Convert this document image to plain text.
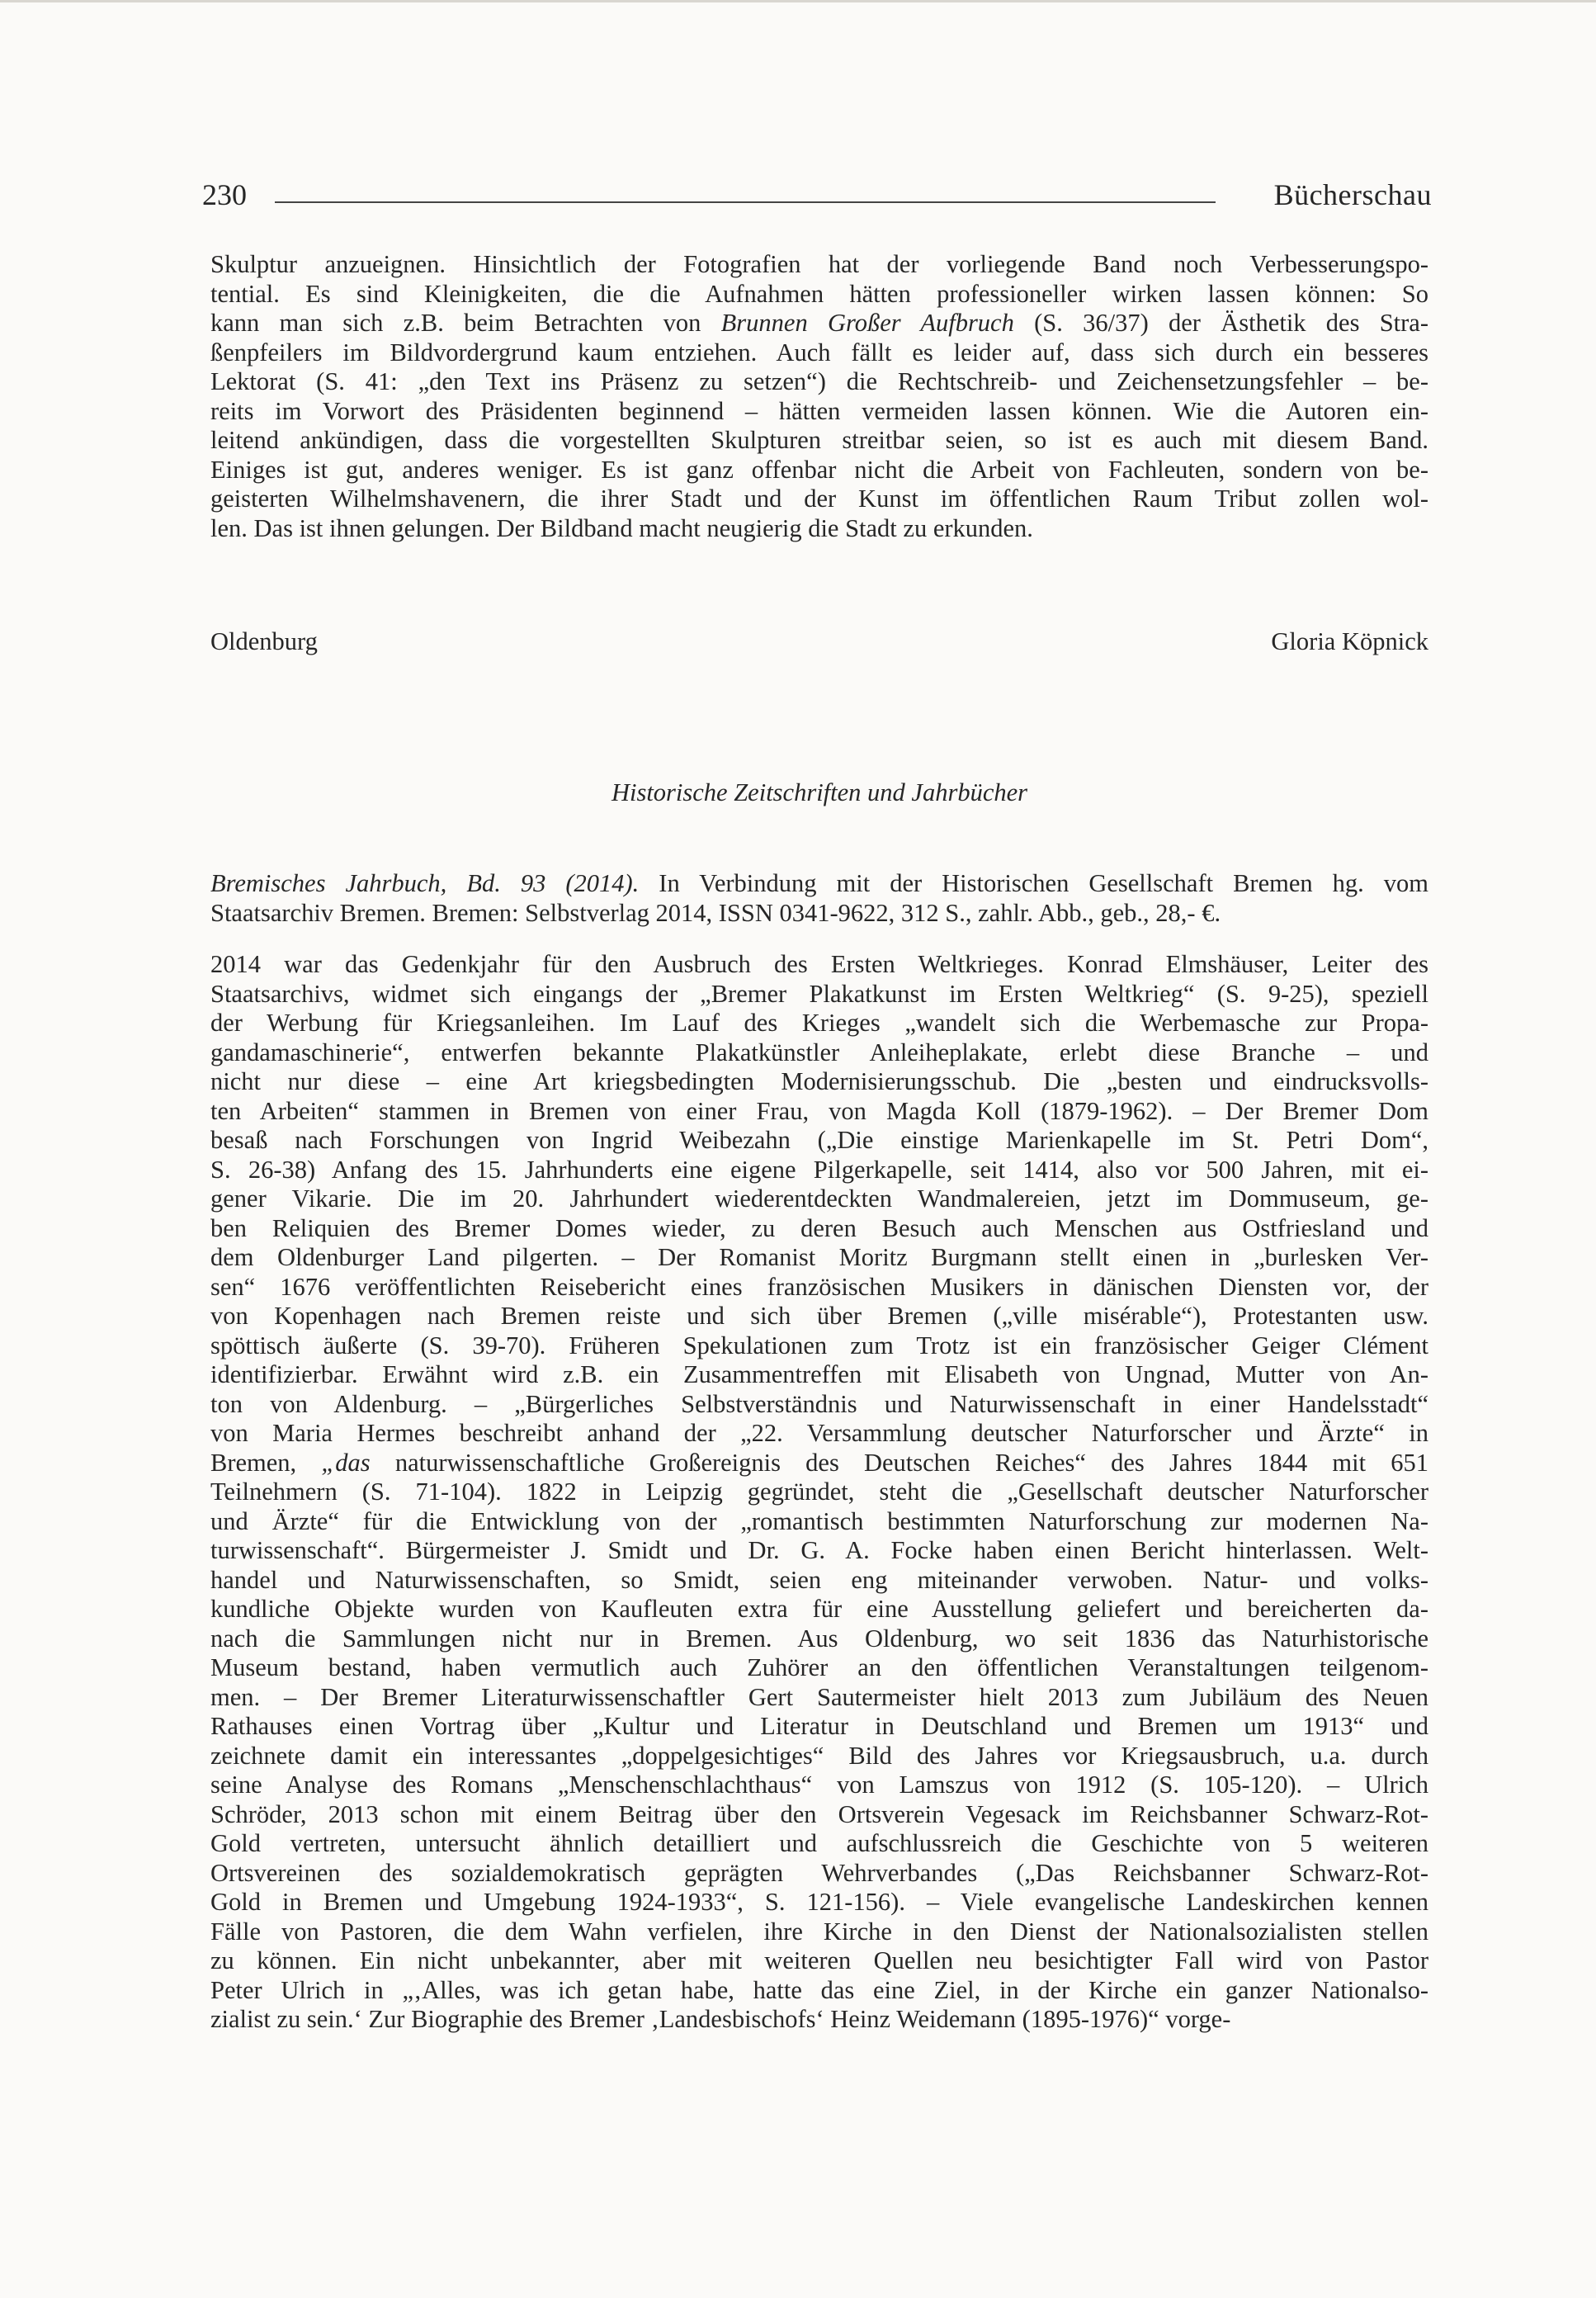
230	Bücherschau

Skulptur anzueignen. Hinsichtlich der Fotografien hat der vorliegende Band noch Verbesserungspo-
tential. Es sind Kleinigkeiten, die die Aufnahmen hätten professioneller wirken lassen können: So
kann man sich z.B. beim Betrachten von Brunnen Großer Aufbruch (S. 36/37) der Ästhetik des Stra-
ßenpfeilers im Bildvordergrund kaum entziehen. Auch fällt es leider auf, dass sich durch ein besseres
Lektorat (S. 41: „den Text ins Präsenz zu setzen“) die Rechtschreib- und Zeichensetzungsfehler – be-
reits im Vorwort des Präsidenten beginnend – hätten vermeiden lassen können. Wie die Autoren ein-
leitend ankündigen, dass die vorgestellten Skulpturen streitbar seien, so ist es auch mit diesem Band.
Einiges ist gut, anderes weniger. Es ist ganz offenbar nicht die Arbeit von Fachleuten, sondern von be-
geisterten Wilhelmshavenern, die ihrer Stadt und der Kunst im öffentlichen Raum Tribut zollen wol-
len. Das ist ihnen gelungen. Der Bildband macht neugierig die Stadt zu erkunden.

Oldenburg	Gloria Köpnick
Historische Zeitschriften und Jahrbücher

Bremisches Jahrbuch, Bd. 93 (2014). In Verbindung mit der Historischen Gesellschaft Bremen hg. vom
Staatsarchiv Bremen. Bremen: Selbstverlag 2014, ISSN 0341-9622, 312 S., zahlr. Abb., geb., 28,- €.

2014 war das Gedenkjahr für den Ausbruch des Ersten Weltkrieges. Konrad Elmshäuser, Leiter des
Staatsarchivs, widmet sich eingangs der „Bremer Plakatkunst im Ersten Weltkrieg“ (S. 9-25), speziell
der Werbung für Kriegsanleihen. Im Lauf des Krieges „wandelt sich die Werbemasche zur Propa-
gandamaschinerie“, entwerfen bekannte Plakatkünstler Anleiheplakate, erlebt diese Branche – und
nicht nur diese – eine Art kriegsbedingten Modernisierungsschub. Die „besten und eindrucksvolls-
ten Arbeiten“ stammen in Bremen von einer Frau, von Magda Koll (1879-1962). – Der Bremer Dom
besaß nach Forschungen von Ingrid Weibezahn („Die einstige Marienkapelle im St. Petri Dom“,
S. 26-38) Anfang des 15. Jahrhunderts eine eigene Pilgerkapelle, seit 1414, also vor 500 Jahren, mit ei-
gener Vikarie. Die im 20. Jahrhundert wiederentdeckten Wandmalereien, jetzt im Dommuseum, ge-
ben Reliquien des Bremer Domes wieder, zu deren Besuch auch Menschen aus Ostfriesland und
dem Oldenburger Land pilgerten. – Der Romanist Moritz Burgmann stellt einen in „burlesken Ver-
sen“ 1676 veröffentlichten Reisebericht eines französischen Musikers in dänischen Diensten vor, der
von Kopenhagen nach Bremen reiste und sich über Bremen („ville misérable“), Protestanten usw.
spöttisch äußerte (S. 39-70). Früheren Spekulationen zum Trotz ist ein französischer Geiger Clément
identifizierbar. Erwähnt wird z.B. ein Zusammentreffen mit Elisabeth von Ungnad, Mutter von An-
ton von Aldenburg. – „Bürgerliches Selbstverständnis und Naturwissenschaft in einer Handelsstadt“
von Maria Hermes beschreibt anhand der „22. Versammlung deutscher Naturforscher und Ärzte“ in
Bremen, „das naturwissenschaftliche Großereignis des Deutschen Reiches“ des Jahres 1844 mit 651
Teilnehmern (S. 71-104). 1822 in Leipzig gegründet, steht die „Gesellschaft deutscher Naturforscher
und Ärzte“ für die Entwicklung von der „romantisch bestimmten Naturforschung zur modernen Na-
turwissenschaft“. Bürgermeister J. Smidt und Dr. G. A. Focke haben einen Bericht hinterlassen. Welt-
handel und Naturwissenschaften, so Smidt, seien eng miteinander verwoben. Natur- und volks-
kundliche Objekte wurden von Kaufleuten extra für eine Ausstellung geliefert und bereicherten da-
nach die Sammlungen nicht nur in Bremen. Aus Oldenburg, wo seit 1836 das Naturhistorische
Museum bestand, haben vermutlich auch Zuhörer an den öffentlichen Veranstaltungen teilgenom-
men. – Der Bremer Literaturwissenschaftler Gert Sautermeister hielt 2013 zum Jubiläum des Neuen
Rathauses einen Vortrag über „Kultur und Literatur in Deutschland und Bremen um 1913“ und
zeichnete damit ein interessantes „doppelgesichtiges“ Bild des Jahres vor Kriegsausbruch, u.a. durch
seine Analyse des Romans „Menschenschlachthaus“ von Lamszus von 1912 (S. 105-120). – Ulrich
Schröder, 2013 schon mit einem Beitrag über den Ortsverein Vegesack im Reichsbanner Schwarz-Rot-
Gold vertreten, untersucht ähnlich detailliert und aufschlussreich die Geschichte von 5 weiteren
Ortsvereinen des sozialdemokratisch geprägten Wehrverbandes („Das Reichsbanner Schwarz-Rot-
Gold in Bremen und Umgebung 1924-1933“, S. 121-156). – Viele evangelische Landeskirchen kennen
Fälle von Pastoren, die dem Wahn verfielen, ihre Kirche in den Dienst der Nationalsozialisten stellen
zu können. Ein nicht unbekannter, aber mit weiteren Quellen neu besichtigter Fall wird von Pastor
Peter Ulrich in „‚Alles, was ich getan habe, hatte das eine Ziel, in der Kirche ein ganzer Nationalso-
zialist zu sein.‘ Zur Biographie des Bremer ‚Landesbischofs‘ Heinz Weidemann (1895-1976)“ vorge-
